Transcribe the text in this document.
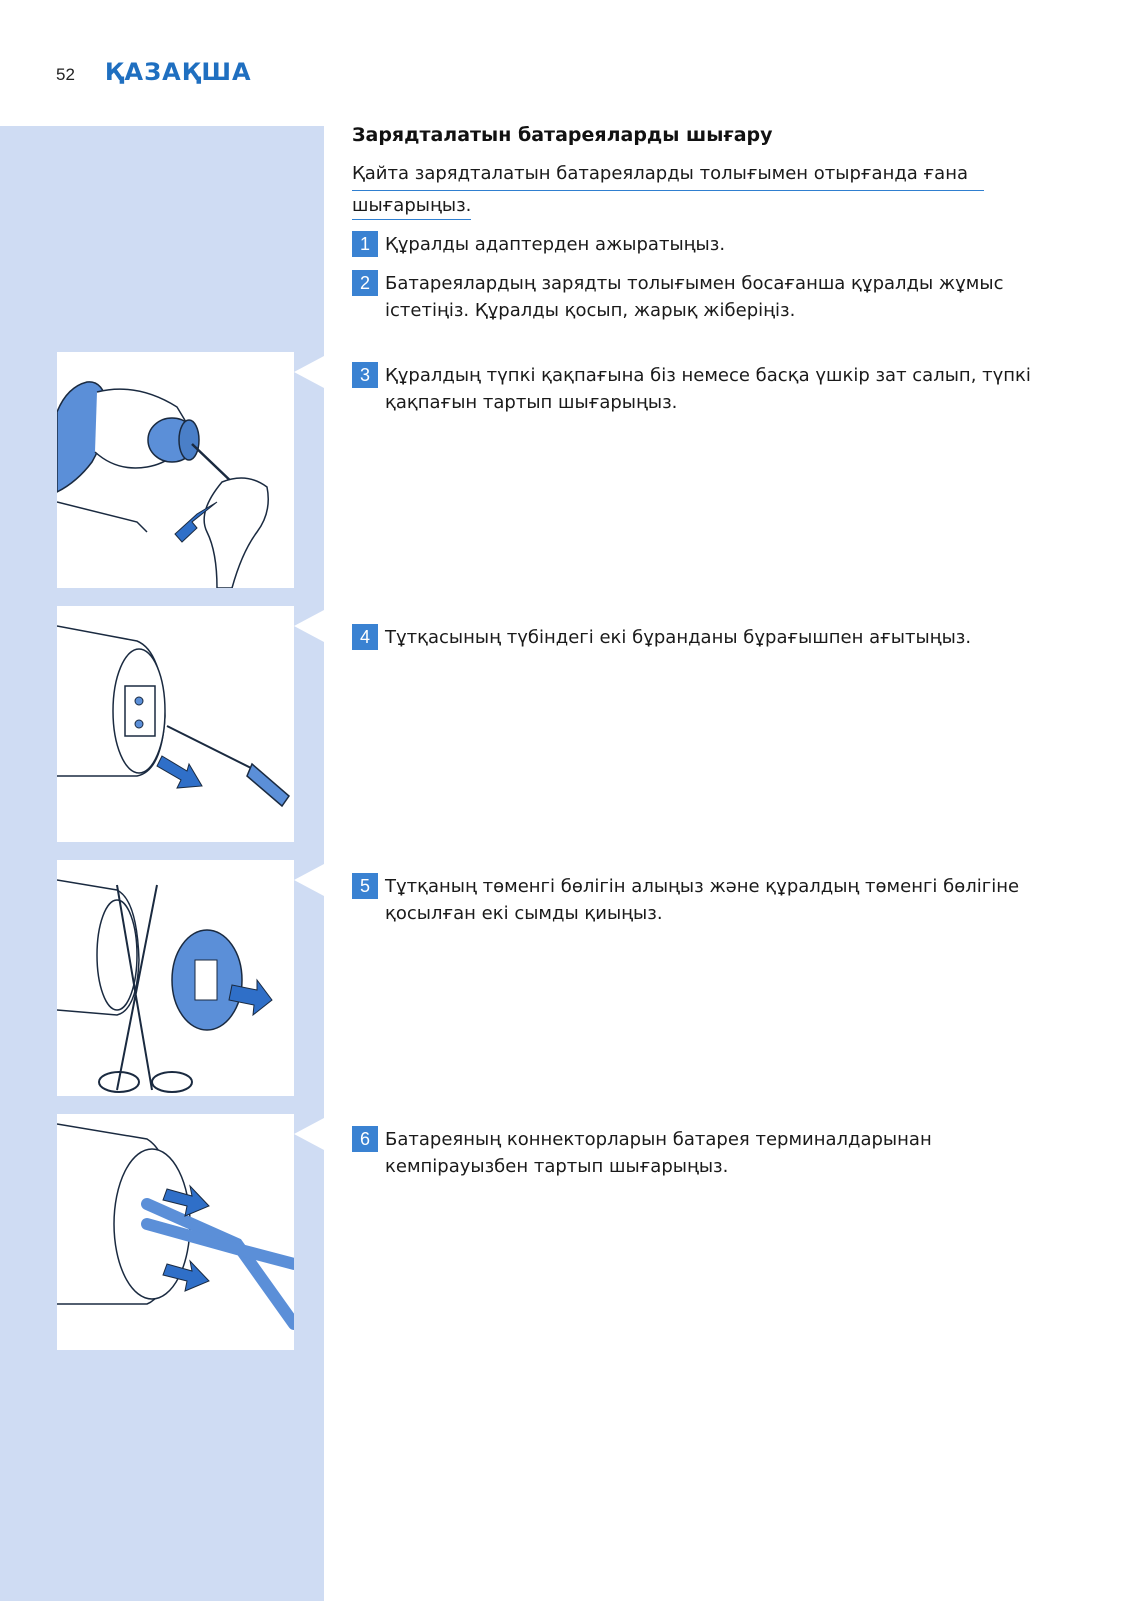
52 ҚАЗАҚША
Зарядталатын батареяларды шығару
Қайта зарядталатын батареяларды толығымен отырғанда ғана
шығарыңыз.
1 Құралды адаптерден ажыратыңыз.
2 Батареялардың зарядты толығымен босағанша құралды жұмыс істетіңіз. Құралды қосып, жарық жіберіңіз.
3 Құралдың түпкі қақпағына біз немесе басқа үшкір зат салып, түпкі қақпағын тартып шығарыңыз.
4 Тұтқасының түбіндегі екі бұранданы бұрағышпен ағытыңыз.
5 Тұтқаның төменгі бөлігін алыңыз және құралдың төменгі бөлігіне қосылған екі сымды қиыңыз.
6 Батареяның коннекторларын батарея терминалдарынан кемпірауызбен тартып шығарыңыз.
